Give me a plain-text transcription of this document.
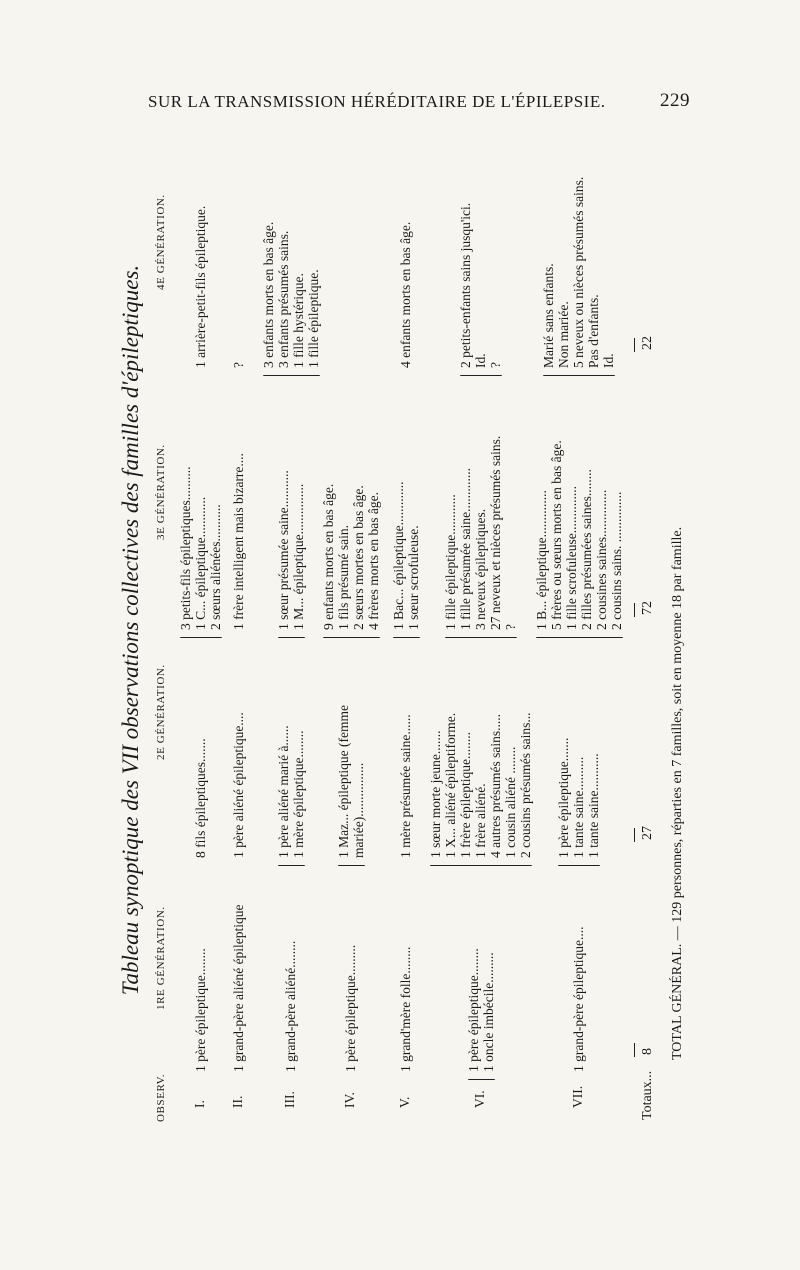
SUR LA TRANSMISSION HÉRÉDITAIRE DE L'ÉPILEPSIE.	229
Tableau synoptique des VII observations collectives des familles d'épileptiques.
OBSERV.
1RE GÉNÉRATION.
2E GÉNÉRATION.
3E GÉNÉRATION.
4E GÉNÉRATION.
TOTAL GÉNÉRAL. — 129 personnes, réparties en 7 familles, soit en moyenne 18 par famille.
I.
1 père épileptique........
8 fils épileptiques.......
3 petits-fils épileptiques.......... 1 C... épileptique............ 2 sœurs aliénées...........
1 arrière-petit-fils épileptique.
II.
1 grand-père aliéné épileptique
1 père aliéné épileptique....
1 frère intelligent mais bizarre....
?
III.
1 grand-père aliéné........
1 père aliéné marié à...... 1 mère épileptique........
1 sœur présumée saine........... 1 M... épileptique...............
3 enfants morts en bas âge. 3 enfants présumés sains. 1 fille hystérique. 1 fille épileptique.
IV.
1 père épileptique.........
1 Maz... épileptique (femme mariée)................
9 enfants morts en bas âge. 1 fils présumé sain. 2 sœurs mortes en bas âge. 4 frères morts en bas âge.
V.
1 grand'mère folle........
1 mère présumée saine......
1 Bac... épileptique............. 1 sœur scrofuleuse.
4 enfants morts en bas âge.
VI.
1 père épileptique........ 1 oncle imbécile.........
1 sœur morte jeune....... 1 X... aliéné épileptiforme. 1 frère épileptique........ 1 frère aliéné. 4 autres présumés sains..... 1 cousin aliéné ........ 2 cousins présumés sains...
1 fille épileptique............ 1 fille présumée saine............. 3 neveux épileptiques. 27 neveux et nièces présumés sains. ?
2 petits-enfants sains jusqu'ici. Id. ?
VII.
1 grand-père épileptique....
1 père épileptique....... 1 tante saine.......... 1 tante saine...........
1 B... épileptique.............. 5 frères ou sœurs morts en bas âge. 1 fille scrofuleuse.............. 2 filles présumées saines........ 2 cousines saines.............. 2 cousins sains. ...............
Marié sans enfants. Non mariée. 5 neveux ou nièces présumés sains. Pas d'enfants. Id.
Totaux...
8
27
72
22
